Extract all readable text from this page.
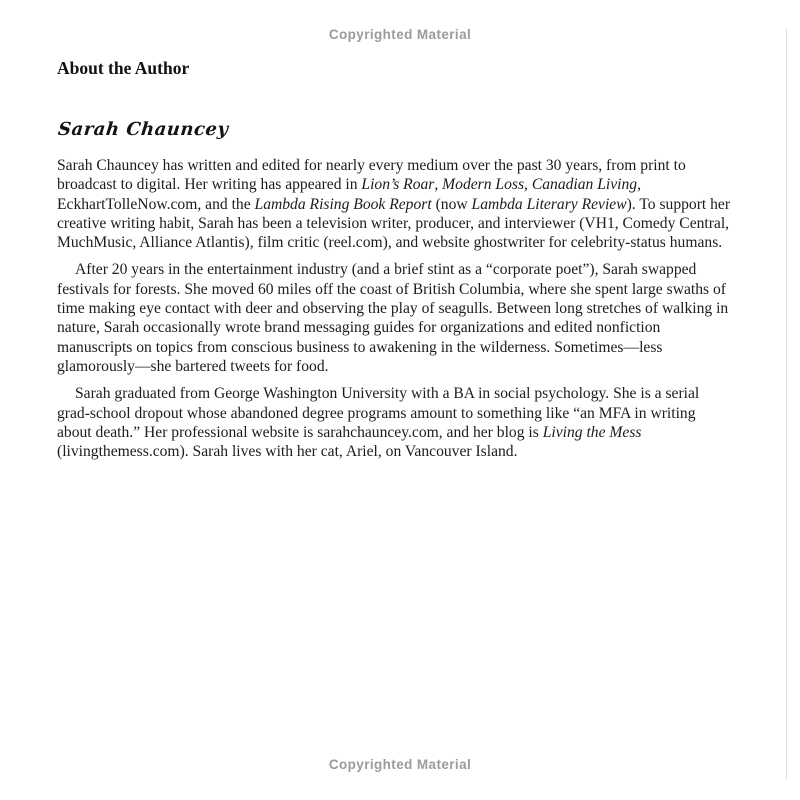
Copyrighted Material
About the Author
Sarah Chauncey

Sarah Chauncey has written and edited for nearly every medium over the past 30 years, from print to broadcast to digital. Her writing has appeared in Lion’s Roar, Modern Loss, Canadian Living, EckhartTolleNow.com, and the Lambda Rising Book Report (now Lambda Literary Review). To support her creative writing habit, Sarah has been a television writer, producer, and interviewer (VH1, Comedy Central, MuchMusic, Alliance Atlantis), film critic (reel.com), and website ghostwriter for celebrity-status humans.

After 20 years in the entertainment industry (and a brief stint as a “corporate poet”), Sarah swapped festivals for forests. She moved 60 miles off the coast of British Columbia, where she spent large swaths of time making eye contact with deer and observing the play of seagulls. Between long stretches of walking in nature, Sarah occasionally wrote brand messaging guides for organizations and edited nonfiction manuscripts on topics from conscious business to awakening in the wilderness. Sometimes—less glamorously—she bartered tweets for food.

Sarah graduated from George Washington University with a BA in social psychology. She is a serial grad-school dropout whose abandoned degree programs amount to something like “an MFA in writing about death.” Her professional website is sarahchauncey.com, and her blog is Living the Mess (livingthemess.com). Sarah lives with her cat, Ariel, on Vancouver Island.

Copyrighted Material
